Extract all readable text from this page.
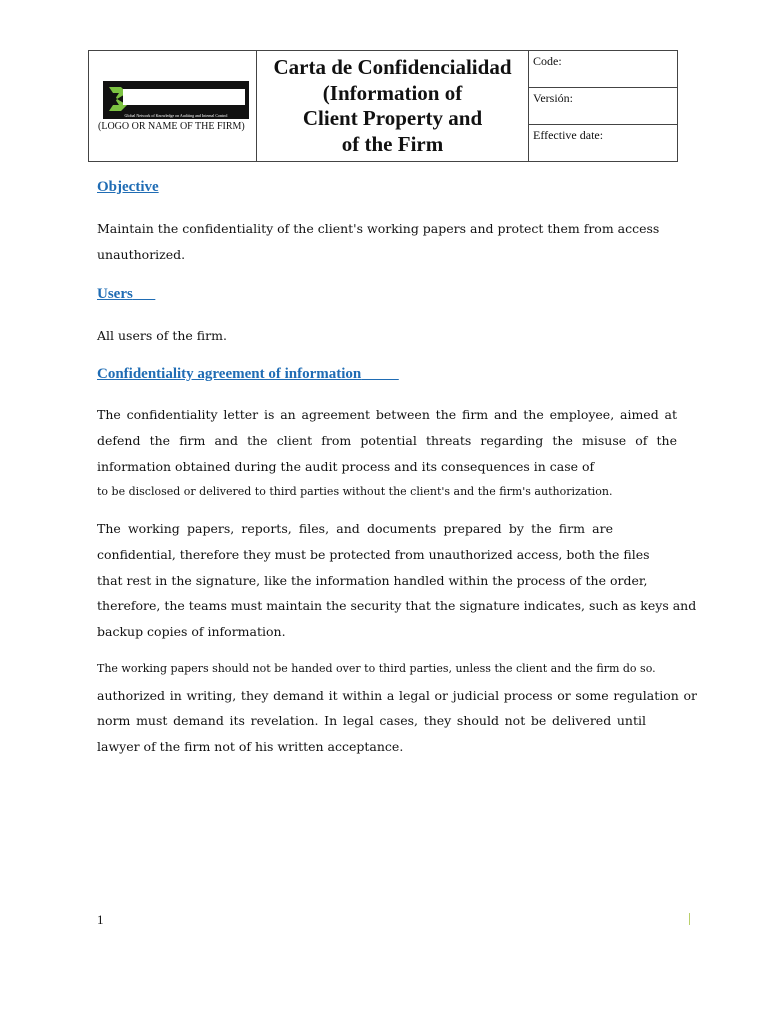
Global Network of Knowledge on Auditing and Internal Control
(LOGO OR NAME OF THE FIRM)
Carta de Confidencialidad
(Information of
Client Property and
of the Firm
Code:
Versión:
Effective date:
Objective
Maintain the confidentiality of the client's working papers and protect them from access
unauthorized.
Users
All users of the firm.
Confidentiality agreement of information
The confidentiality letter is an agreement between the firm and the employee, aimed at
defend the firm and the client from potential threats regarding the misuse of the
information obtained during the audit process and its consequences in case of
to be disclosed or delivered to third parties without the client's and the firm's authorization.
The working papers, reports, files, and documents prepared by the firm are
confidential, therefore they must be protected from unauthorized access, both the files
that rest in the signature, like the information handled within the process of the order,
therefore, the teams must maintain the security that the signature indicates, such as keys and
backup copies of information.
The working papers should not be handed over to third parties, unless the client and the firm do so.
authorized in writing, they demand it within a legal or judicial process or some regulation or
norm must demand its revelation. In legal cases, they should not be delivered until
lawyer of the firm not of his written acceptance.
1
